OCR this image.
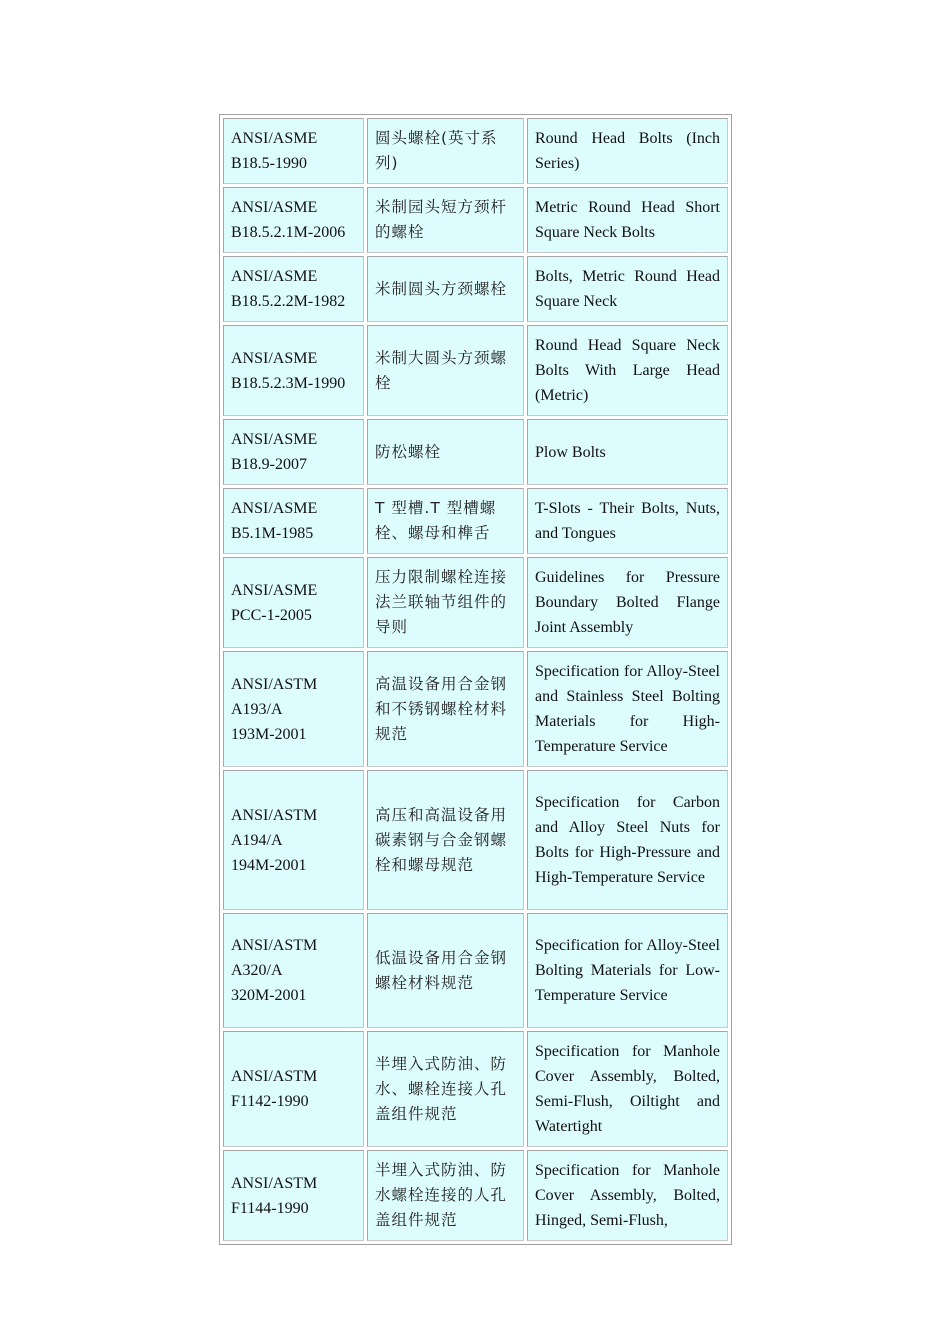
ANSI/ASME
B18.5-1990	圆头螺栓(英寸系列)	Round Head Bolts (Inch Series)

ANSI/ASME
B18.5.2.1M-2006	米制园头短方颈杆的螺栓	Metric Round Head Short Square Neck Bolts

ANSI/ASME
B18.5.2.2M-1982	米制圆头方颈螺栓	Bolts, Metric Round Head Square Neck

ANSI/ASME
B18.5.2.3M-1990	米制大圆头方颈螺栓	Round Head Square Neck Bolts With Large Head (Metric)

ANSI/ASME
B18.9-2007	防松螺栓	Plow Bolts

ANSI/ASME
B5.1M-1985	T 型槽.T 型槽螺栓、螺母和榫舌	T-Slots - Their Bolts, Nuts, and Tongues

ANSI/ASME
PCC-1-2005	压力限制螺栓连接法兰联轴节组件的导则	Guidelines for Pressure Boundary Bolted Flange Joint Assembly

ANSI/ASTM
A193/A
193M-2001	高温设备用合金钢和不锈钢螺栓材料规范	Specification for Alloy-Steel and Stainless Steel Bolting Materials for High-Temperature Service

ANSI/ASTM
A194/A
194M-2001	高压和高温设备用碳素钢与合金钢螺栓和螺母规范	Specification for Carbon and Alloy Steel Nuts for Bolts for High-Pressure and High-Temperature Service

ANSI/ASTM
A320/A
320M-2001	低温设备用合金钢螺栓材料规范	Specification for Alloy-Steel Bolting Materials for Low-Temperature Service

ANSI/ASTM
F1142-1990	半埋入式防油、防水、螺栓连接人孔盖组件规范	Specification for Manhole Cover Assembly, Bolted, Semi-Flush, Oiltight and Watertight

ANSI/ASTM
F1144-1990	半埋入式防油、防水螺栓连接的人孔盖组件规范	Specification for Manhole Cover Assembly, Bolted, Hinged, Semi-Flush,
